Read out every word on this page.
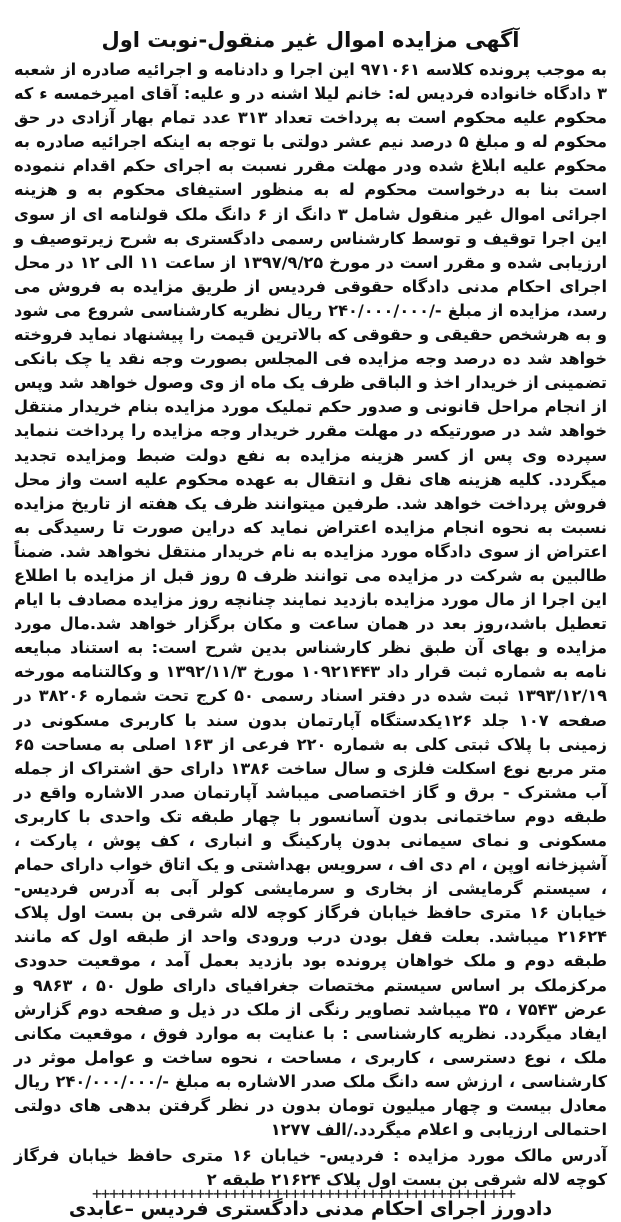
آگهی مزایده اموال غیر منقول-نوبت اول

به موجب پرونده کلاسه ۹۷۱۰۶۱ این اجرا و دادنامه و اجرائیه صادره از شعبه ۳ دادگاه خانواده فردیس له: خانم لیلا اشنه در و علیه: آقای امیرخمسه ء که محکوم علیه محکوم است به پرداخت تعداد ۳۱۳ عدد تمام بهار آزادی در حق محکوم له و مبلغ ۵ درصد نیم عشر دولتی با توجه به اینکه اجرائیه صادره به محکوم علیه ابلاغ شده ودر مهلت مقرر نسبت به اجرای حکم اقدام ننموده است بنا به درخواست محکوم له به منظور استیفای محکوم به و هزینه اجرائی اموال غیر منقول شامل ۳ دانگ از ۶ دانگ ملک قولنامه ای از سوی این اجرا توقیف و توسط کارشناس رسمی دادگستری به شرح زیرتوصیف و ارزیابی شده و مقرر است در مورخ ۱۳۹۷/۹/۲۵ از ساعت ۱۱ الی ۱۲ در محل اجرای احکام مدنی دادگاه حقوقی فردیس از طریق مزایده به فروش می رسد، مزایده از مبلغ -/۲۴۰/۰۰۰/۰۰۰ ریال نظریه کارشناسی شروع می شود و به هرشخص حقیقی و حقوقی که بالاترین قیمت را پیشنهاد نماید فروخته خواهد شد ده درصد وجه مزایده فی المجلس بصورت وجه نقد یا چک بانکی تضمینی از خریدار اخذ و الباقی ظرف یک ماه از وی وصول خواهد شد وپس از انجام مراحل قانونی و صدور حکم تملیک مورد مزایده بنام خریدار منتقل خواهد شد در صورتیکه در مهلت مقرر خریدار وجه مزایده را پرداخت ننماید سپرده وی پس از کسر هزینه مزایده به نفع دولت ضبط ومزایده تجدید میگردد. کلیه هزینه های نقل و انتقال به عهده محکوم علیه است واز محل فروش پرداخت خواهد شد. طرفین میتوانند ظرف یک هفته از تاریخ مزایده نسبت به نحوه انجام مزایده اعتراض نماید که دراین صورت تا رسیدگی به اعتراض از سوی دادگاه مورد مزایده به نام خریدار منتقل نخواهد شد. ضمناً طالبین به شرکت در مزایده می توانند ظرف ۵ روز قبل از مزایده با اطلاع این اجرا از مال مورد مزایده بازدید نمایند چنانچه روز مزایده مصادف با ایام تعطیل باشد،روز بعد در همان ساعت و مکان برگزار خواهد شد.مال مورد مزایده و بهای آن طبق نظر کارشناس بدین شرح است: به استناد مبایعه نامه به شماره ثبت قرار داد ۱۰۹۲۱۴۴۳ مورخ ۱۳۹۲/۱۱/۳ و وکالتنامه مورخه ۱۳۹۳/۱۲/۱۹ ثبت شده در دفتر اسناد رسمی ۵۰ کرج تحت شماره ۳۸۲۰۶ در صفحه ۱۰۷ جلد ۱۲۶یکدستگاه آپارتمان بدون سند با کاربری مسکونی در زمینی با پلاک ثبتی کلی به شماره ۲۲۰ فرعی از ۱۶۳ اصلی به مساحت ۶۵ متر مربع نوع اسکلت فلزی و سال ساخت ۱۳۸۶ دارای حق اشتراک از جمله آب مشترک - برق و گاز اختصاصی میباشد آپارتمان صدر الاشاره واقع در طبقه دوم ساختمانی بدون آسانسور با چهار طبقه تک واحدی با کاربری مسکونی و نمای سیمانی بدون پارکینگ و انباری ، کف پوش ، پارکت ، آشپزخانه اوپن ، ام دی اف ، سرویس بهداشتی و یک اتاق خواب دارای حمام ، سیستم گرمایشی از بخاری و سرمایشی کولر آبی به آدرس فردیس- خیابان ۱۶ متری حافظ خیابان فرگاز کوچه لاله شرقی بن بست اول پلاک ۲۱۶۲۴ میباشد. بعلت قفل بودن درب ورودی واحد از طبقه اول که مانند طبقه دوم و ملک خواهان پرونده بود بازدید بعمل آمد ، موقعیت حدودی مرکزملک بر اساس سیستم مختصات جغرافیای دارای طول ۵۰ ، ۹۸۶۳ و عرض ۷۵۴۳ ، ۳۵ میباشد تصاویر رنگی از ملک در ذیل و صفحه دوم گزارش ایفاد میگردد. نظریه کارشناسی : با عنایت به موارد فوق ، موقعیت مکانی ملک ، نوع دسترسی ، کاربری ، مساحت ، نحوه ساخت و عوامل موثر در کارشناسی ، ارزش سه دانگ ملک صدر الاشاره به مبلغ -/۲۴۰/۰۰۰/۰۰۰ ریال معادل بیست و چهار میلیون تومان بدون در نظر گرفتن بدهی های دولتی احتمالی ارزیابی و اعلام میگردد./الف ۱۲۷۷

آدرس مالک مورد مزایده : فردیس- خیابان ۱۶ متری حافظ خیابان فرگاز کوچه لاله شرقی بن بست اول پلاک ۲۱۶۲۴ طبقه ۲

دادورز اجرای احکام مدنی دادگستری فردیس –عابدی
+++++++++++++++++++++++++++++++++++++++++++++++++
